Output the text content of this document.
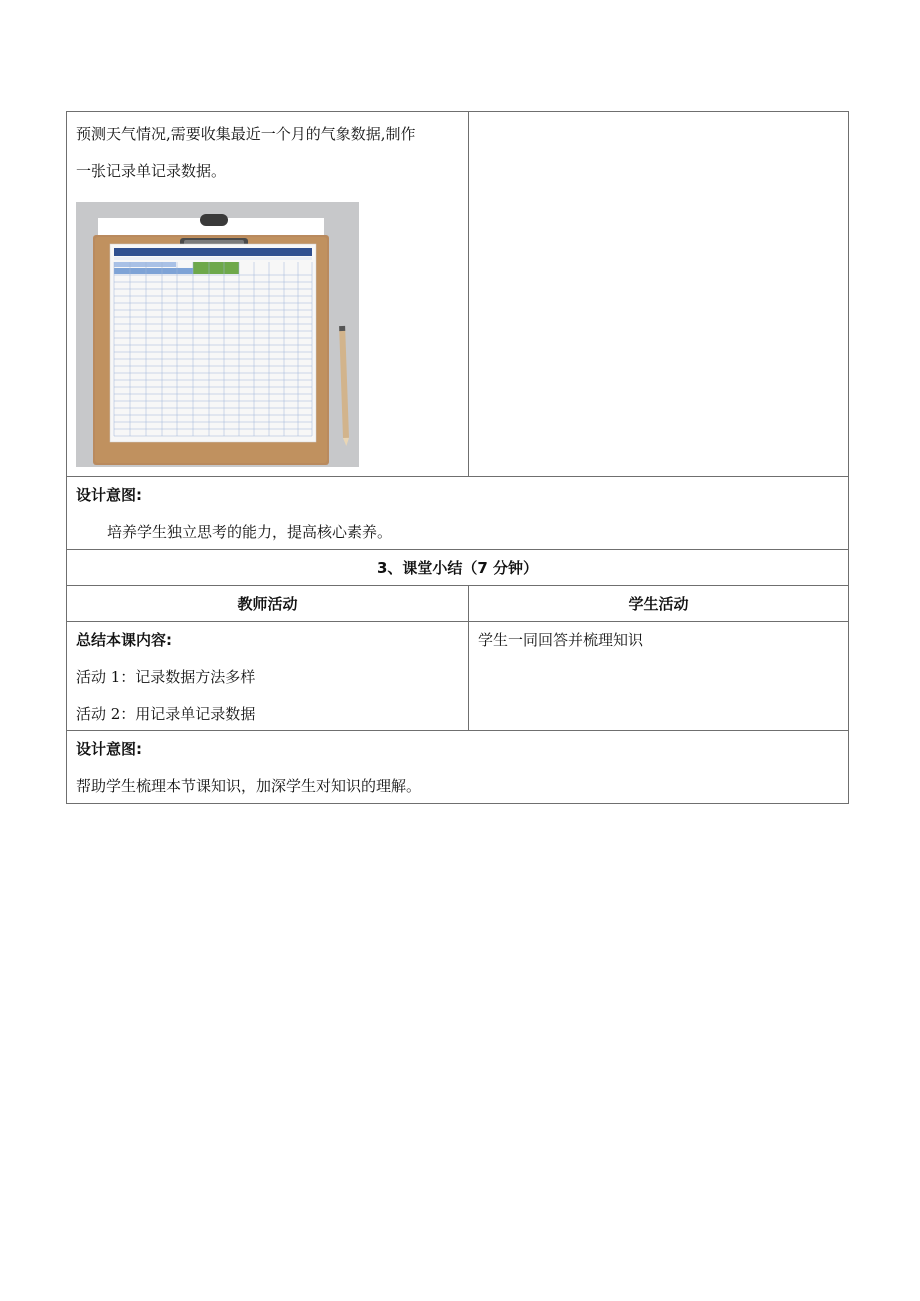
预测天气情况,需要收集最近一个月的气象数据,制作
一张记录单记录数据。
设计意图:
培养学生独立思考的能力，提高核心素养。
3、课堂小结（7 分钟）
教师活动	学生活动
总结本课内容:
活动 1：记录数据方法多样
活动 2：用记录单记录数据
学生一同回答并梳理知识
设计意图:
帮助学生梳理本节课知识，加深学生对知识的理解。
